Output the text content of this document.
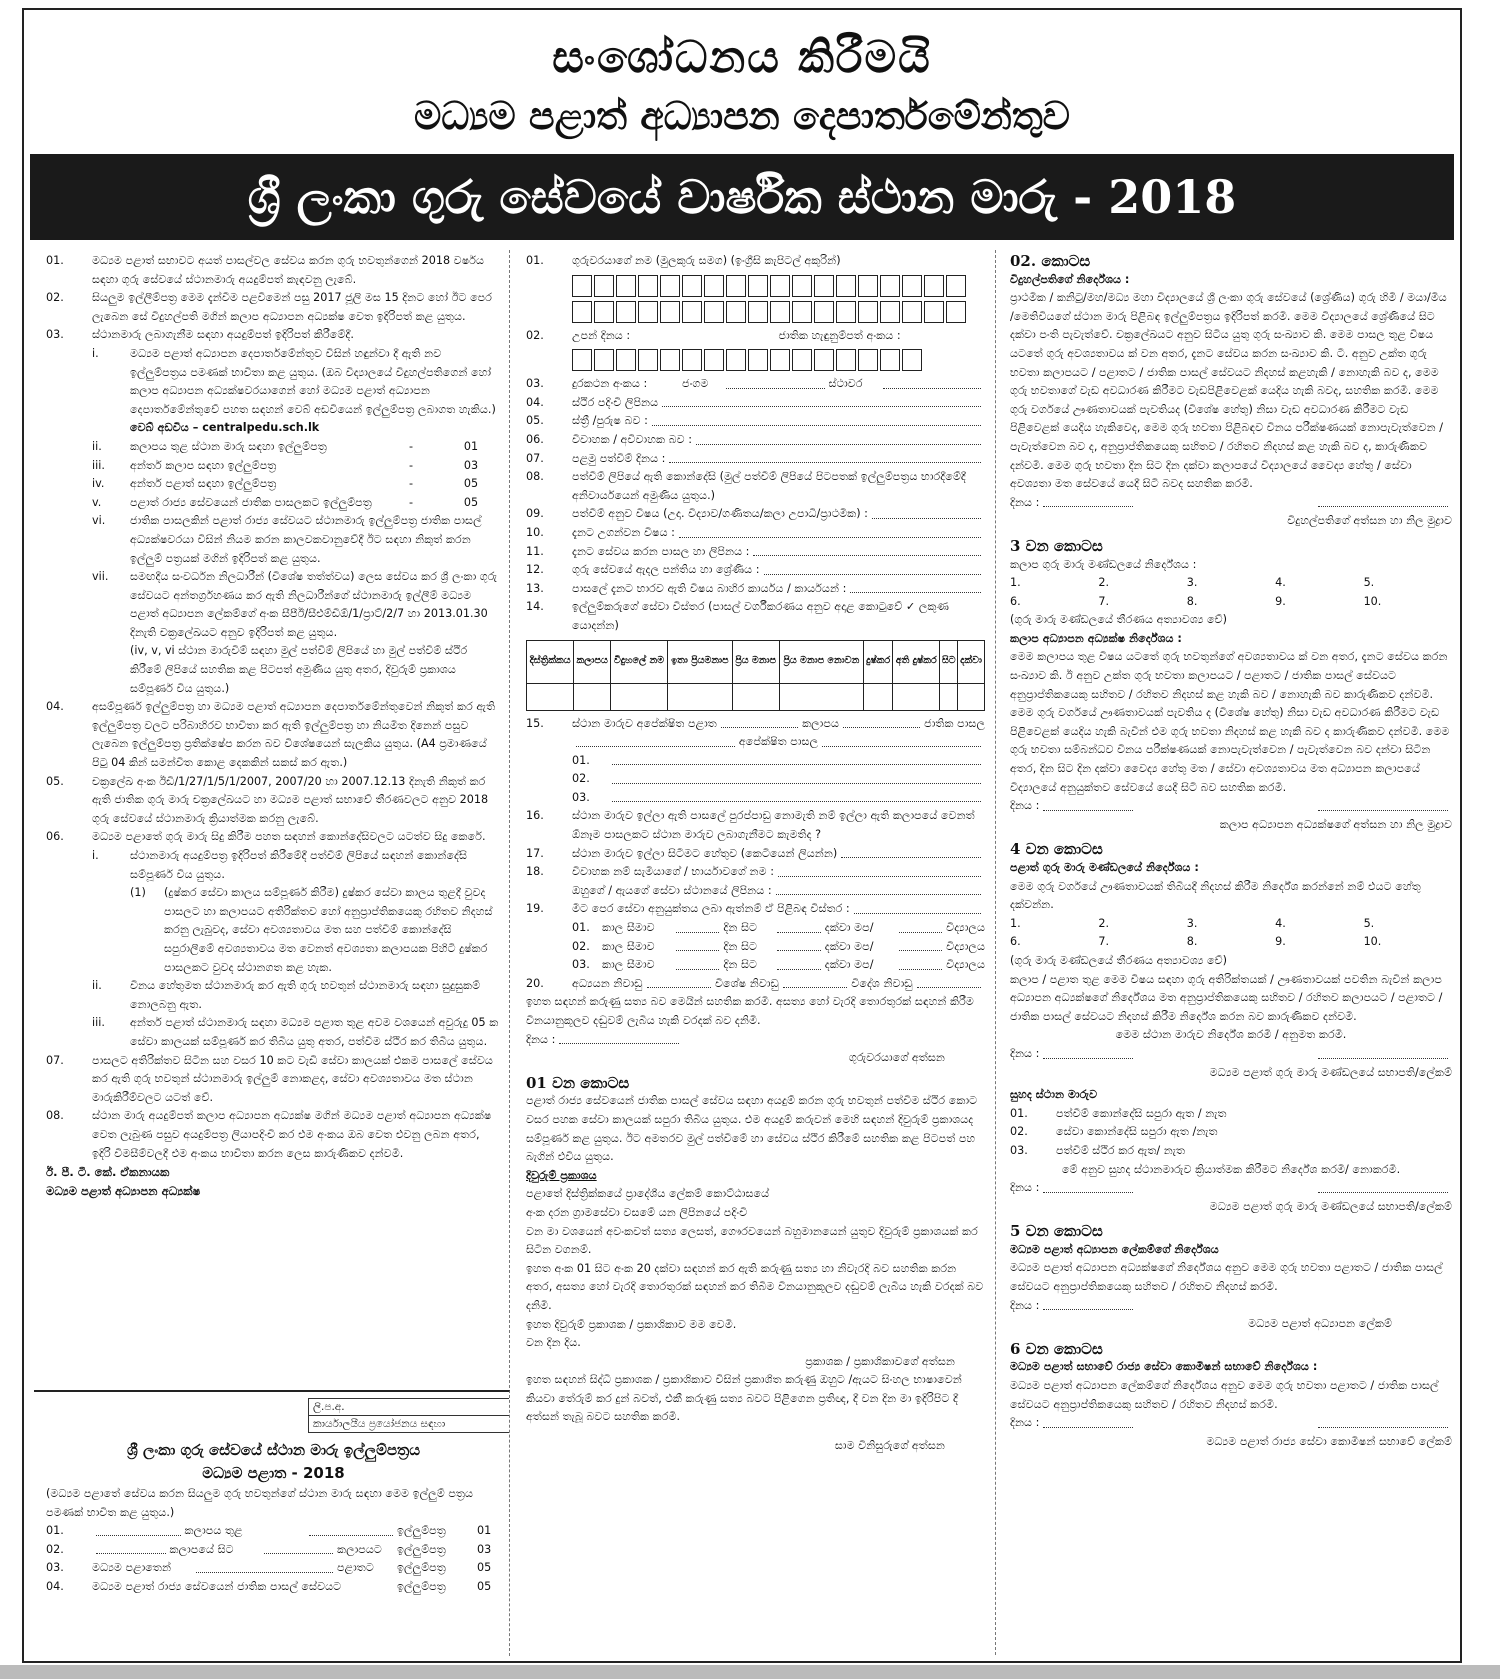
සංශෝධනය කිරීමයි
මධ්‍යම පළාත් අධ්‍යාපන දෙපාර්තමේන්තුව
ශ්‍රී ලංකා ගුරු සේවයේ වාර්ෂික ස්ථාන මාරු - 2018
01.	මධ්‍යම පළාත් සභාවට අයත් පාසල්වල සේවය කරන ගුරු භවතුන්ගෙන් 2018 වර්ෂය සඳහා ගුරු සේවයේ ස්ථානමාරු අයදුම්පත් කැඳවනු ලැබේ.
02.	සියලුම ඉල්ලීම්පත්‍ර මෙම දැන්වීම පළවීමෙන් පසු 2017 ජූලි මස 15 දිනට හෝ ඊට පෙර ලැබෙන සේ විදුහල්පති මගින් කලාප අධ්‍යාපන අධ්‍යක්ෂ වෙත ඉදිරිපත් කළ යුතුය.
03.	ස්ථානමාරු ලබාගැනීම සඳහා අයදුම්පත් ඉදිරිපත් කිරීමේදී.
i.	මධ්‍යම පළාත් අධ්‍යාපන දෙපාර්තමේන්තුව විසින් හඳුන්වා දී ඇති නව ඉල්ලුම්පත්‍රය පමණක් භාවිතා කළ යුතුය. (ඔබ විද්‍යාලයේ විදුහල්පතිගෙන් හෝ කලාප අධ්‍යාපන අධ්‍යක්ෂවරයාගෙන් හෝ මධ්‍යම පළාත් අධ්‍යාපන දෙපාර්තමේන්තුවේ පහත සඳහන් වෙබ් අඩවියෙන් ඉල්ලුම්පත්‍ර ලබාගත හැකිය.)
වෙබ් අඩවිය – centralpedu.sch.lk
ii.	කලාපය තුළ ස්ථාන මාරු සඳහා ඉල්ලුම්පත්‍ර	-	01
iii.	අන්තර් කලාප සඳහා ඉල්ලුම්පත්‍ර	-	03
iv.	අන්තර් පළාත් සඳහා ඉල්ලුම්පත්‍ර	-	05
v.	පළාත් රාජ්‍ය සේවයෙන් ජාතික පාසලකට ඉල්ලුම්පත්‍ර	-	05
vi.	ජාතික පාසලකින් පළාත් රාජ්‍ය සේවයට ස්ථානමාරු ඉල්ලුම්පත්‍ර ජාතික පාසල් අධ්‍යක්ෂවරයා විසින් නියම කරන කාලවකවානුවේදී ඊට සඳහා නිකුත් කරන ඉල්ලුම් පත්‍රයක් මගින් ඉදිරිපත් කළ යුතුය.
vii.	සමඟදීය සංවර්ධන නිලධාරීන් (විශේෂ තත්ත්වය) ලෙස සේවය කර ශ්‍රී ලංකා ගුරු සේවයට අන්තර්ග්‍රහණය කර ඇති නිලධාරීන්ගේ ස්ථානමාරු ඉල්ලීම් මධ්‍යම පළාත් අධ්‍යාපන ලේකම්ගේ අංක සීපීඊ/සීඑම්ඩීඕ/1/ප්‍රාට්/2/7 හා 2013.01.30 දිනැති චක්‍රලේඛයට අනුව ඉදිරිපත් කළ යුතුය.
(iv, v, vi ස්ථාන මාරුවීම් සඳහා මුල් පත්වීම් ලිපියේ හා මුල් පත්වීම් ස්ථිර කිරීමේ ලිපියේ සහතික කළ පිටපත් අමුණිය යුතු අතර, දිවුරුම් ප්‍රකාශය සම්පූර්ණ විය යුතුය.)
04.	අසම්පූර්ණ ඉල්ලුම්පත්‍ර හා මධ්‍යම පළාත් අධ්‍යාපන දෙපාර්තමේන්තුවෙන් නිකුත් කර ඇති ඉල්ලුම්පත්‍ර වලට පරිබාහිරව භාවිතා කර ඇති ඉල්ලුම්පත්‍ර හා නියමිත දිනෙන් පසුව ලැබෙන ඉල්ලුම්පත්‍ර ප්‍රතික්ෂේප කරන බව විශේෂයෙන් සැලකිය යුතුය. (A4 ප්‍රමාණයේ පිටු 04 කින් සමන්විත කොළ දෙකකින් සකස් කර ඇත.)
05.	චක්‍රලේඛ අංක ඊඩී/1/27/1/5/1/2007, 2007/20 හා 2007.12.13 දිනැති නිකුත් කර ඇති ජාතික ගුරු මාරු චක්‍රලේඛයට හා මධ්‍යම පළාත් සභාවේ තීරණවලට අනුව 2018 ගුරු සේවයේ ස්ථානමාරු ක්‍රියාත්මක කරනු ලැබේ.
06.	මධ්‍යම පළාතේ ගුරු මාරු සිදු කිරීම පහත සඳහන් කොන්දේසිවලට යටත්ව සිදු කෙරේ.
i.	ස්ථානමාරු අයදුම්පත්‍ර ඉදිරිපත් කිරීමේදී පත්වීම් ලිපියේ සඳහන් කොන්දේසි සම්පූර්ණ විය යුතුය.
(1)	(දුෂ්කර සේවා කාලය සම්පූර්ණ කිරීම) දුෂ්කර සේවා කාලය තුළදී වුවද පාසලට හා කලාපයට අතිරික්තව හෝ අනුප්‍රාප්තිකයෙකු රහිතව නිදහස් කරනු ලැබුවද, සේවා අවශ්‍යතාවය මත සහ පත්වීම් කොන්දේසි සපුරාලීමේ අවශ්‍යතාවය මත වෙනත් අවශ්‍යතා කලාපයක පිහිටි දුෂ්කර පාසලකට වුවද ස්ථානගත කළ හැක.
ii.	විනය හේතුමත ස්ථානමාරු කර ඇති ගුරු භවතුන් ස්ථානමාරු සඳහා සුදුසුකම් නොලබනු ඇත.
iii.	අන්තර් පළාත් ස්ථානමාරු සඳහා මධ්‍යම පළාත තුළ අවම වශයෙන් අවුරුදු 05 ක සේවා කාලයක් සම්පූර්ණ කර තිබිය යුතු අතර, පත්වීම ස්ථිර කර තිබිය යුතුය.
07.	පාසලට අතිරික්තව සිටින සහ වසර 10 කට වැඩි සේවා කාලයක් එකම පාසලේ සේවය කර ඇති ගුරු භවතුන් ස්ථානමාරු ඉල්ලුම් නොකළද, සේවා අවශ්‍යතාවය මත ස්ථාන මාරුකිරීම්වලට යටත් වේ.
08.	ස්ථාන මාරු අයදුම්පත් කලාප අධ්‍යාපන අධ්‍යක්ෂ මගින් මධ්‍යම පළාත් අධ්‍යාපන අධ්‍යක්ෂ වෙත ලැබුණ පසුව අයදුම්පත්‍ර ලියාපදිංචි කර එම අංකය ඔබ වෙත එවනු ලබන අතර, ඉදිරි විමසීම්වලදී එම අංකය භාවිතා කරන ලෙස කාරුණිකව දන්වමි.
ඊ. පී. ටී. කේ. ඒකනායක
මධ්‍යම පළාත් අධ්‍යාපන අධ්‍යක්ෂ
ලි.ප.අ.
කාර්යාලයීය ප්‍රයෝජනය සඳහා
ශ්‍රී ලංකා ගුරු සේවයේ ස්ථාන මාරු ඉල්ලුම්පත්‍රය
මධ්‍යම පළාත - 2018
(මධ්‍යම පළාතේ සේවය කරන සියලුම ගුරු භවතුන්ගේ ස්ථාන මාරු සඳහා මෙම ඉල්ලුම් පත්‍රය පමණක් භාවිත කළ යුතුය.)
01.	කලාපය තුළ	ඉල්ලුම්පත්‍ර	01
02.	කලාපයේ සිට	කලාපයට	ඉල්ලුම්පත්‍ර	03
03.	මධ්‍යම පළාතෙන්	පළාතට	ඉල්ලුම්පත්‍ර	05
04.	මධ්‍යම පළාත් රාජ්‍ය සේවයෙන් ජාතික පාසල් සේවයට	ඉල්ලුම්පත්‍ර	05
01.	ගුරුවරයාගේ නම (මුලකුරු සමග) (ඉංග්‍රීසි කැපිටල් අකුරින්)
02.	උපන් දිනය :	ජාතික හැඳුනුම්පත් අංකය :
03.	දුරකථන අංකය :	ජංගම	ස්ථාවර
04.	ස්ථිර පදිංචි ලිපිනය
05.	ස්ත්‍රී /පුරුෂ බව :
06.	විවාහක / අවිවාහක බව :
07.	පළමු පත්වීම් දිනය :
08.	පත්වීම් ලිපියේ ඇති කොන්දේසි (මුල් පත්වීම් ලිපියේ පිටපතක් ඉල්ලුම්පත්‍රය භාරදීමේදී අනිවාර්යයෙන් අමුණිය යුතුය.)
09.	පත්වීම් අනුව විෂය (උදා. විද්‍යාව/ගණිතය/කලා උපාධි/ප්‍රාථමික) :
10.	දැනට උගන්වන විෂය :
11.	දැනට සේවය කරන පාසල හා ලිපිනය :
12.	ගුරු සේවයේ ඇදල පන්තිය හා ශ්‍රේණිය :
13.	පාසලේ දැනට භාරව ඇති විෂය බාහිර කාර්යය / කාර්යයන් :
14.	ඉල්ලුම්කරුගේ සේවා විස්තර (පාසල් වර්ගීකරණය අනුව අදාළ කොටුවේ ✓ ලකුණ යොදන්න)
දිස්ත්‍රික්කය	කලාපය	විදුහලේ නම	ඉතා ප්‍රියමනාප	ප්‍රිය මනාප	ප්‍රිය මනාප නොවන	දුෂ්කර	අති දුෂ්කර	සිට	දක්වා

15.	ස්ථාන මාරුව අපේක්ෂිත පළාත	කලාපය	ජාතික පාසල
අපේක්ෂිත පාසල
01.
02.
03.
16.	ස්ථාන මාරුව ඉල්ලා ඇති පාසලේ පුරප්පාඩු නොමැති නම් ඉල්ලා ඇති කලාපයේ වෙනත් ඕනෑම පාසලකට ස්ථාන මාරුව ලබාගැනීමට කැමතිද ?
17.	ස්ථාන මාරුව ඉල්ලා සිටීමට හේතුව (කෙටියෙන් ලියන්න)
18.	විවාහක නම් සැමියාගේ / භාර්යාවගේ නම :
ඔහුගේ / ඇයගේ සේවා ස්ථානයේ ලිපිනය :
19.	මීට පෙර සේවා අනුයුක්තය ලබා ඇත්නම් ඒ පිළිබඳ විස්තර :
01.	කාල සීමාව	දින සිට	දක්වා මප/	විද්‍යාලය
02.	කාල සීමාව	දින සිට	දක්වා මප/	විද්‍යාලය
03.	කාල සීමාව	දින සිට	දක්වා මප/	විද්‍යාලය
20.	අධ්‍යයන නිවාඩු	විශේෂ නිවාඩු	විදේශ නිවාඩු
ඉහත සඳහන් කරුණු සත්‍ය බව මෙයින් සහතික කරමි. අසත්‍ය හෝ වැරදි තොරතුරක් සඳහන් කිරීම විනයානුකූලව දඬුවම් ලැබිය හැකි වරදක් බව දනිමි.
දිනය :
ගුරුවරයාගේ අත්සන
01 වන කොටස
පළාත් රාජ්‍ය සේවයෙන් ජාතික පාසල් සේවය සඳහා අයදුම් කරන ගුරු භවතුන් පත්වීම ස්ථිර කොට වසර පහක සේවා කාලයක් සපුරා තිබිය යුතුය. එම අයදුම් කරුවන් මෙහි සඳහන් දිවුරුම් ප්‍රකාශයද සම්පූර්ණ කළ යුතුය. ඊට අමතරව මුල් පත්වීමේ හා සේවය ස්ථිර කිරීමේ සහතික කළ පිටපත් පහ බැගින් එවිය යුතුය.
දිවුරුම් ප්‍රකාශය
පළාතේ දිස්ත්‍රික්කයේ ප්‍රාදේශීය ලේකම් කොට්ඨාසයේ
අංක දරන ග්‍රාමසේවා වසමේ යන ලිපිනයේ පදිංචි
වන මා වශයෙන් අවංකවත් සත්‍ය ලෙසත්, ගෞරවයෙන් බහුමානයෙන් යුතුව දිවුරුම් ප්‍රකාශයක් කර සිටින වගනම්.
ඉහත අංක 01 සිට අංක 20 දක්වා සඳහන් කර ඇති කරුණු සත්‍ය හා නිවැරදි බව සහතික කරන අතර, අසත්‍ය හෝ වැරදි තොරතුරක් සඳහන් කර තිබීම විනයානුකූලව දඬුවම් ලැබිය හැකි වරදක් බව දනිමි.
ඉහත දිවුරුම් ප්‍රකාශක / ප්‍රකාශිකාව මම වෙමි.
වන දින දිය.
ප්‍රකාශක / ප්‍රකාශිකාවගේ අත්සන
ඉහත සඳහන් සිද්ධි ප්‍රකාශක / ප්‍රකාශිකාව විසින් ප්‍රකාශිත කරුණු ඔහුට /ඇයට සිංහල භාෂාවෙන් කියවා තේරුම් කර දුන් බවත්, එකී කරුණු සත්‍ය බවට පිළිගෙන ප්‍රතිඥ, දී වන දින මා ඉදිරිපිට දී අත්සන් තැබූ බවට සහතික කරමි.
සාම විනිසුරුගේ අත්සන
02. කොටස
විදුහල්පතිගේ නිර්දේශය :
ප්‍රාථමික / කනිටු/මහ/මධ්‍ය මහා විද්‍යාලයේ ශ්‍රී ලංකා ගුරු සේවයේ (ශ්‍රේණිය) ගුරු හිමි / මයා/මිය /මෙතිවියගේ ස්ථාන මාරු පිළිබඳ ඉල්ලුම්පත්‍රය ඉදිරිපත් කරමි. මෙම විද්‍යාලයේ ශ්‍රේණියේ සිට දක්වා පංති පැවැත්වේ. චක්‍රලේඛයට අනුව සිටිය යුතු ගුරු සංඛ්‍යාව කි. මෙම පාසල තුළ විෂය යටතේ ගුරු අවශ්‍යතාවය ක් වන අතර, දැනට සේවය කරන සංඛ්‍යාව කි. ටී. අනුව උක්ත ගුරු භවතා කලාපයට / පළාතට / ජාතික පාසල් සේවයට නිදහස් කළහැකි / නොහැකි බව ද, මෙම ගුරු භවතාගේ වැඩ අවධාරණ කිරීමට වැඩපිළිවෙළක් යෙදිය හැකි බවද, සහතික කරමි. මෙම ගුරු වර්ගයේ ඌණතාවයක් පැවතියද (විශේෂ හේතු) නිසා වැඩ අවධාරණ කිරීමට වැඩ පිළිවෙළක් යෙදිය හැකිවෙද, මෙම ගුරු භවතා පිළිබඳව විනය පරීක්ෂණයක් නොපැවැත්වෙන / පැවැත්වෙන බව ද, අනුප්‍රාප්තිකයෙකු සහිතව / රහිතව නිදහස් කළ හැකි බව ද, කාරුණිකව දන්වමි. මෙම ගුරු භවතා දින සිට දින දක්වා කලාපයේ විද්‍යාලයේ වෛද්‍ය හේතු / සේවා අවශ්‍යතා මත සේවයේ යෙදී සිටි බවද සහතික කරමි.
දිනය :
විදුහල්පතිගේ අත්සන හා නිල මුද්‍රාව
3 වන කොටස
කලාප ගුරු මාරු මණ්ඩලයේ නිර්දේශය :
1.	2.	3.	4.	5.
6.	7.	8.	9.	10.
(ගුරු මාරු මණ්ඩලයේ තීරණය අත්‍යාවශ්‍ය වේ)
කලාප අධ්‍යාපන අධ්‍යක්ෂ නිර්දේශය :
මෙම කලාපය තුළ විෂය යටතේ ගුරු භවතුන්ගේ අවශ්‍යතාවය ක් වන අතර, දැනට සේවය කරන සංඛ්‍යාව කි. ඊ අනුව උක්ත ගුරු භවතා කලාපයට / පළාතට / ජාතික පාසල් සේවයට අනුප්‍රාප්තිකයෙකු සහිතව / රහිතව නිදහස් කළ හැකි බව / නොහැකි බව කාරුණිකව දන්වමි. මෙම ගුරු වර්ගයේ ඌණතාවයක් පැවතිය ද (විශේෂ හේතු) නිසා වැඩ අවධාරණ කිරීමට වැඩ පිළිවෙළක් යෙදිය හැකි බැවින් එම ගුරු භවතා නිදහස් කළ හැකි බව ද කාරුණිකව දන්වමි. මෙම ගුරු භවතා සම්බන්ධව විනය පරීක්ෂණයක් නොපැවැත්වෙන / පැවැත්වෙන බව දන්වා සිටින අතර, දින සිට දින දක්වා වෛද්‍ය හේතු මත / සේවා අවශ්‍යතාවය මත අධ්‍යාපන කලාපයේ විද්‍යාලයේ අනුයුක්තව සේවයේ යෙදී සිටි බව සහතික කරමි.
දිනය :
කලාප අධ්‍යාපන අධ්‍යක්ෂගේ අත්සන හා නිල මුද්‍රාව
4 වන කොටස
පළාත් ගුරු මාරු මණ්ඩලයේ නිර්දේශය :
මෙම ගුරු වර්ගයේ ඌණතාවයක් තිබියදී නිදහස් කිරීම නිර්දේශ කරන්නේ නම් එයට හේතු දක්වන්න.
1.	2.	3.	4.	5.
6.	7.	8.	9.	10.
(ගුරු මාරු මණ්ඩලයේ තීරණය අත්‍යාවශ්‍ය වේ)
කලාප / පළාත තුළ මෙම විෂය සඳහා ගුරු අතිරික්තයක් / ඌණතාවයක් පවතින බැවින් කලාප අධ්‍යාපන අධ්‍යක්ෂගේ නිර්දේශය මත අනුප්‍රාප්තිකයෙකු සහිතව / රහිතව කලාපයට / පළාතට / ජාතික පාසල් සේවයට නිදහස් කිරීම නිර්දේශ කරන බව කාරුණිකව දන්වමි.
මෙම ස්ථාන මාරුව නිර්දේශ කරමි / අනුමත කරමි.
දිනය :
මධ්‍යම පළාත් ගුරු මාරු මණ්ඩලයේ සභාපති/ලේකම්
සුහද ස්ථාන මාරුව
01.	පත්වීම් කොන්දේසි සපුරා ඇත / නැත
02.	සේවා කොන්දේසි සපුරා ඇත /නැත
03.	පත්වීම් ස්ථිර කර ඇත/ නැත
මේ අනුව සුහද ස්ථානමාරුව ක්‍රියාත්මක කිරීමට නිර්දේශ කරමි/ නොකරමි.
දිනය :
මධ්‍යම පළාත් ගුරු මාරු මණ්ඩලයේ සභාපති/ලේකම්
5 වන කොටස
මධ්‍යම පළාත් අධ්‍යාපන ලේකම්ගේ නිර්දේශය
මධ්‍යම පළාත් අධ්‍යාපන අධ්‍යක්ෂගේ නිර්දේශය අනුව මෙම ගුරු භවතා පළාතට / ජාතික පාසල් සේවයට අනුප්‍රාප්තිකයෙකු සහිතව / රහිතව නිදහස් කරමි.
දිනය :
මධ්‍යම පළාත් අධ්‍යාපන ලේකම්
6 වන කොටස
මධ්‍යම පළාත් සභාවේ රාජ්‍ය සේවා කොමිෂන් සභාවේ නිර්දේශය :
මධ්‍යම පළාත් අධ්‍යාපන ලේකම්ගේ නිර්දේශය අනුව මෙම ගුරු භවතා පළාතට / ජාතික පාසල් සේවයට අනුප්‍රාප්තිකයෙකු සහිතව / රහිතව නිදහස් කරමි.
දිනය :
මධ්‍යම පළාත් රාජ්‍ය සේවා කොමිෂන් සභාවේ ලේකම්
